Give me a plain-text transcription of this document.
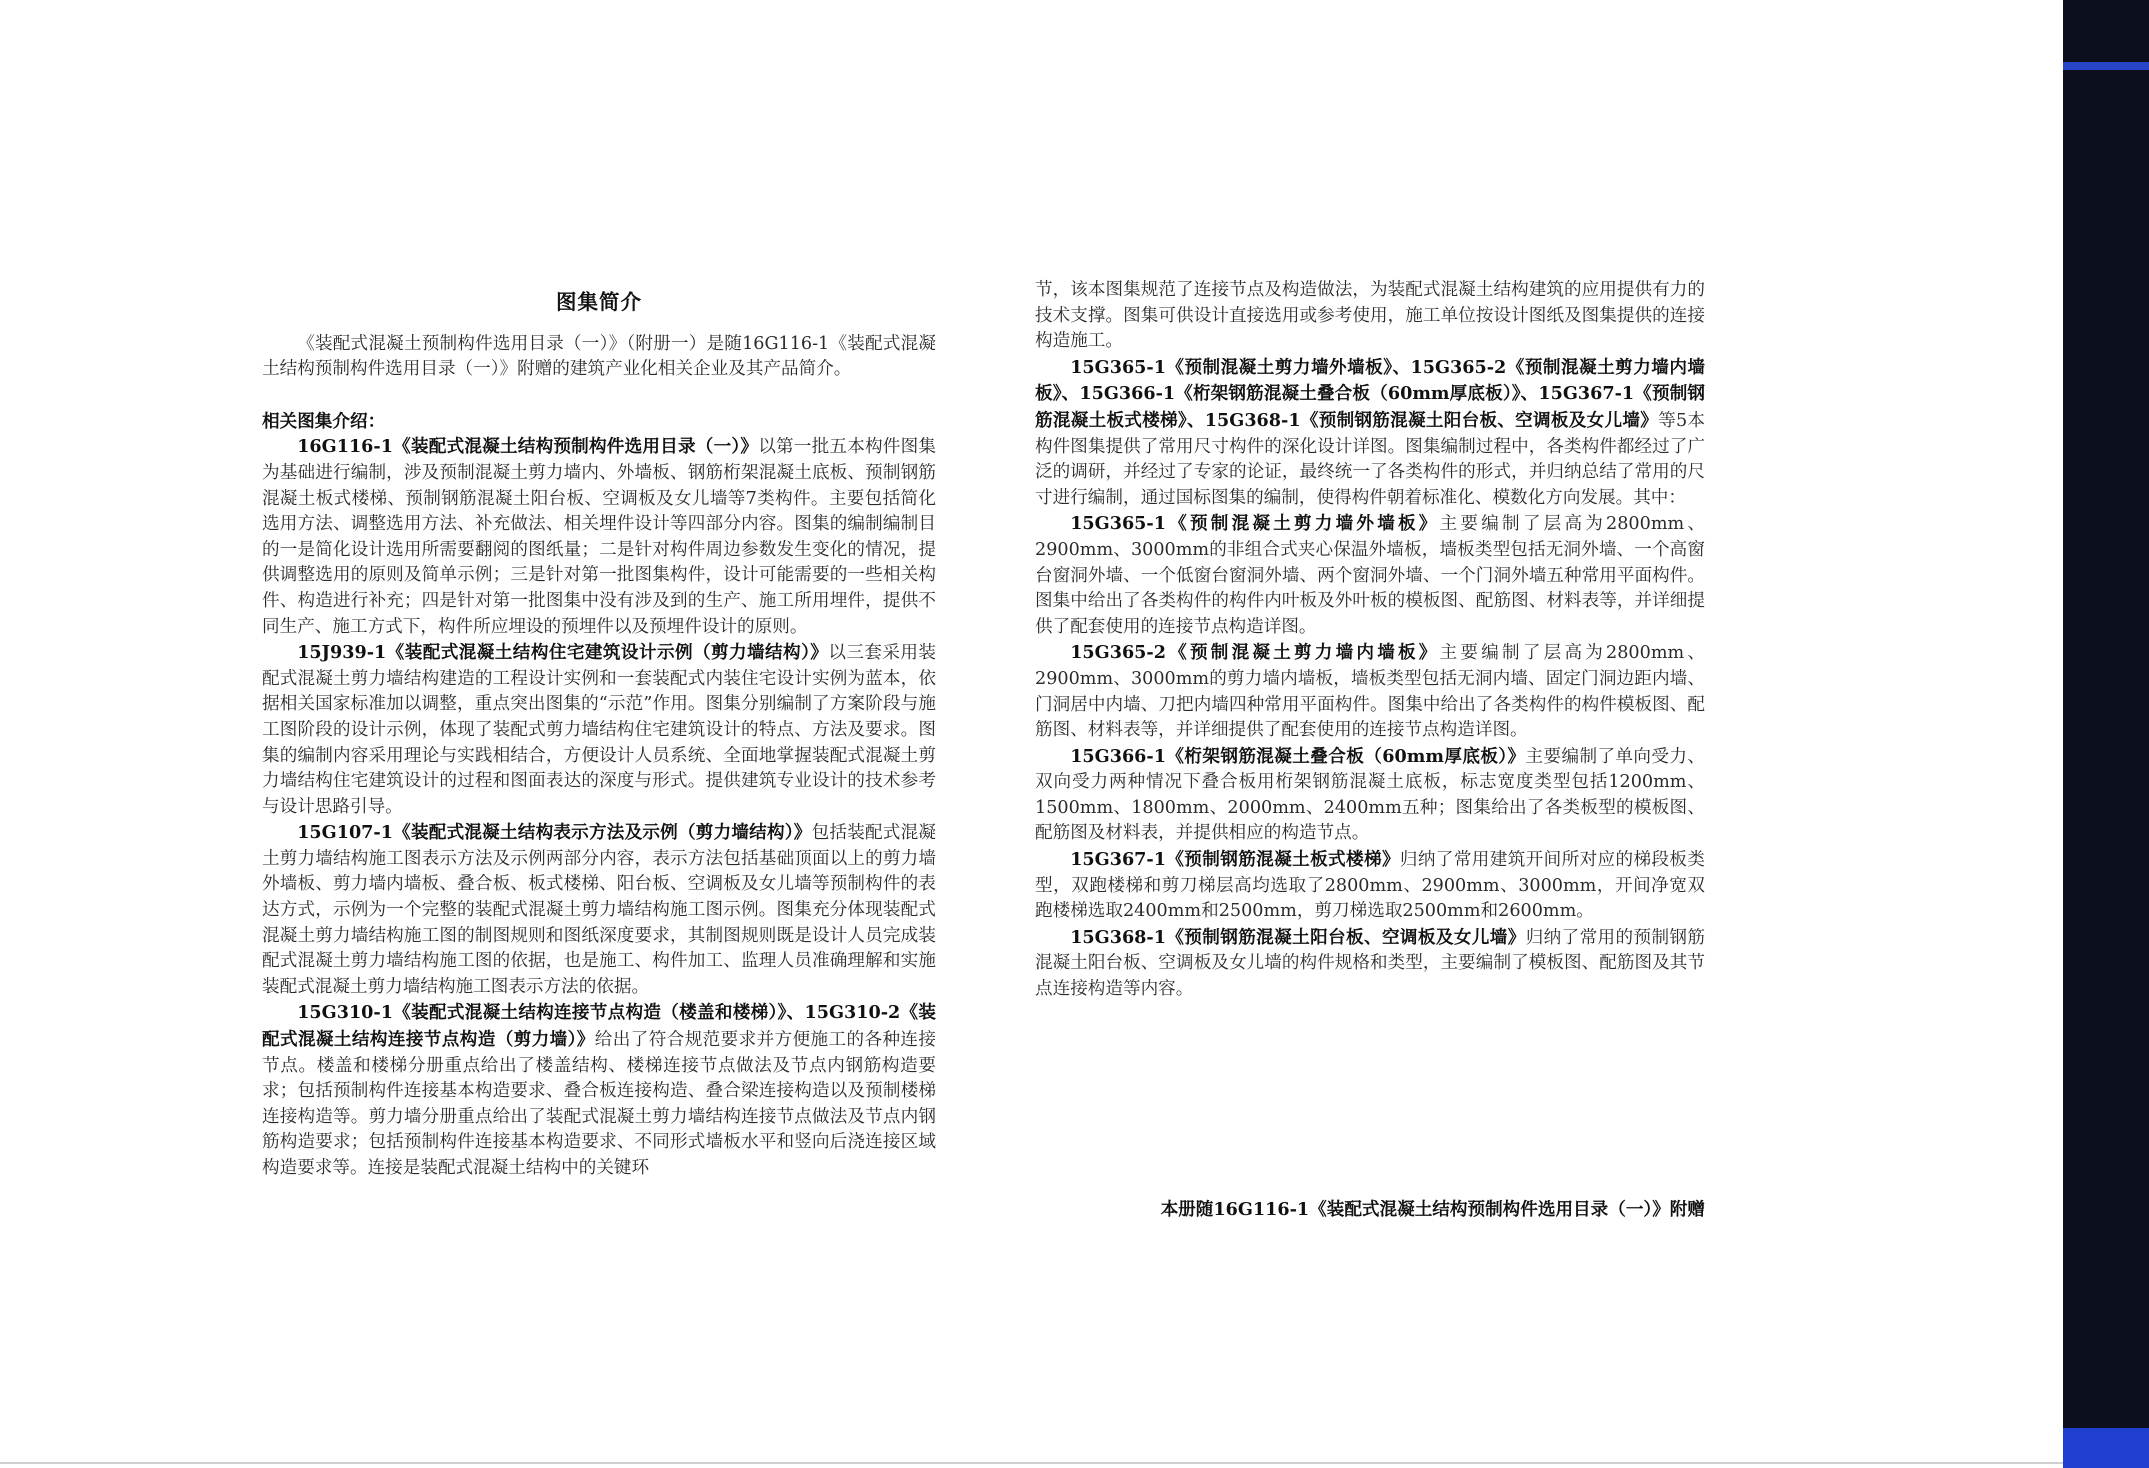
图集简介

《装配式混凝土预制构件选用目录（一）》（附册一）是随16G116-1《装配式混凝土结构预制构件选用目录（一）》附赠的建筑产业化相关企业及其产品简介。

相关图集介绍：

16G116-1《装配式混凝土结构预制构件选用目录（一）》以第一批五本构件图集为基础进行编制，涉及预制混凝土剪力墙内、外墙板、钢筋桁架混凝土底板、预制钢筋混凝土板式楼梯、预制钢筋混凝土阳台板、空调板及女儿墙等7类构件。主要包括简化选用方法、调整选用方法、补充做法、相关埋件设计等四部分内容。图集的编制编制目的一是简化设计选用所需要翻阅的图纸量；二是针对构件周边参数发生变化的情况，提供调整选用的原则及简单示例；三是针对第一批图集构件，设计可能需要的一些相关构件、构造进行补充；四是针对第一批图集中没有涉及到的生产、施工所用埋件，提供不同生产、施工方式下，构件所应埋设的预埋件以及预埋件设计的原则。

15J939-1《装配式混凝土结构住宅建筑设计示例（剪力墙结构）》以三套采用装配式混凝土剪力墙结构建造的工程设计实例和一套装配式内装住宅设计实例为蓝本，依据相关国家标准加以调整，重点突出图集的“示范”作用。图集分别编制了方案阶段与施工图阶段的设计示例，体现了装配式剪力墙结构住宅建筑设计的特点、方法及要求。图集的编制内容采用理论与实践相结合，方便设计人员系统、全面地掌握装配式混凝土剪力墙结构住宅建筑设计的过程和图面表达的深度与形式。提供建筑专业设计的技术参考与设计思路引导。

15G107-1《装配式混凝土结构表示方法及示例（剪力墙结构）》包括装配式混凝土剪力墙结构施工图表示方法及示例两部分内容，表示方法包括基础顶面以上的剪力墙外墙板、剪力墙内墙板、叠合板、板式楼梯、阳台板、空调板及女儿墙等预制构件的表达方式，示例为一个完整的装配式混凝土剪力墙结构施工图示例。图集充分体现装配式混凝土剪力墙结构施工图的制图规则和图纸深度要求，其制图规则既是设计人员完成装配式混凝土剪力墙结构施工图的依据，也是施工、构件加工、监理人员准确理解和实施装配式混凝土剪力墙结构施工图表示方法的依据。

15G310-1《装配式混凝土结构连接节点构造（楼盖和楼梯）》、15G310-2《装配式混凝土结构连接节点构造（剪力墙）》给出了符合规范要求并方便施工的各种连接节点。楼盖和楼梯分册重点给出了楼盖结构、楼梯连接节点做法及节点内钢筋构造要求；包括预制构件连接基本构造要求、叠合板连接构造、叠合梁连接构造以及预制楼梯连接构造等。剪力墙分册重点给出了装配式混凝土剪力墙结构连接节点做法及节点内钢筋构造要求；包括预制构件连接基本构造要求、不同形式墙板水平和竖向后浇连接区域构造要求等。连接是装配式混凝土结构中的关键环

节，该本图集规范了连接节点及构造做法，为装配式混凝土结构建筑的应用提供有力的技术支撑。图集可供设计直接选用或参考使用，施工单位按设计图纸及图集提供的连接构造施工。

15G365-1《预制混凝土剪力墙外墙板》、15G365-2《预制混凝土剪力墙内墙板》、15G366-1《桁架钢筋混凝土叠合板（60mm厚底板）》、15G367-1《预制钢筋混凝土板式楼梯》、15G368-1《预制钢筋混凝土阳台板、空调板及女儿墙》等5本构件图集提供了常用尺寸构件的深化设计详图。图集编制过程中，各类构件都经过了广泛的调研，并经过了专家的论证，最终统一了各类构件的形式，并归纳总结了常用的尺寸进行编制，通过国标图集的编制，使得构件朝着标准化、模数化方向发展。其中：

15G365-1《预制混凝土剪力墙外墙板》主要编制了层高为2800mm、2900mm、3000mm的非组合式夹心保温外墙板，墙板类型包括无洞外墙、一个高窗台窗洞外墙、一个低窗台窗洞外墙、两个窗洞外墙、一个门洞外墙五种常用平面构件。图集中给出了各类构件的构件内叶板及外叶板的模板图、配筋图、材料表等，并详细提供了配套使用的连接节点构造详图。

15G365-2《预制混凝土剪力墙内墙板》主要编制了层高为2800mm、2900mm、3000mm的剪力墙内墙板，墙板类型包括无洞内墙、固定门洞边距内墙、门洞居中内墙、刀把内墙四种常用平面构件。图集中给出了各类构件的构件模板图、配筋图、材料表等，并详细提供了配套使用的连接节点构造详图。

15G366-1《桁架钢筋混凝土叠合板（60mm厚底板）》主要编制了单向受力、双向受力两种情况下叠合板用桁架钢筋混凝土底板，标志宽度类型包括1200mm、1500mm、1800mm、2000mm、2400mm五种；图集给出了各类板型的模板图、配筋图及材料表，并提供相应的构造节点。

15G367-1《预制钢筋混凝土板式楼梯》归纳了常用建筑开间所对应的梯段板类型，双跑楼梯和剪刀梯层高均选取了2800mm、2900mm、3000mm，开间净宽双跑楼梯选取2400mm和2500mm，剪刀梯选取2500mm和2600mm。

15G368-1《预制钢筋混凝土阳台板、空调板及女儿墙》归纳了常用的预制钢筋混凝土阳台板、空调板及女儿墙的构件规格和类型，主要编制了模板图、配筋图及其节点连接构造等内容。

本册随16G116-1《装配式混凝土结构预制构件选用目录（一）》附赠
